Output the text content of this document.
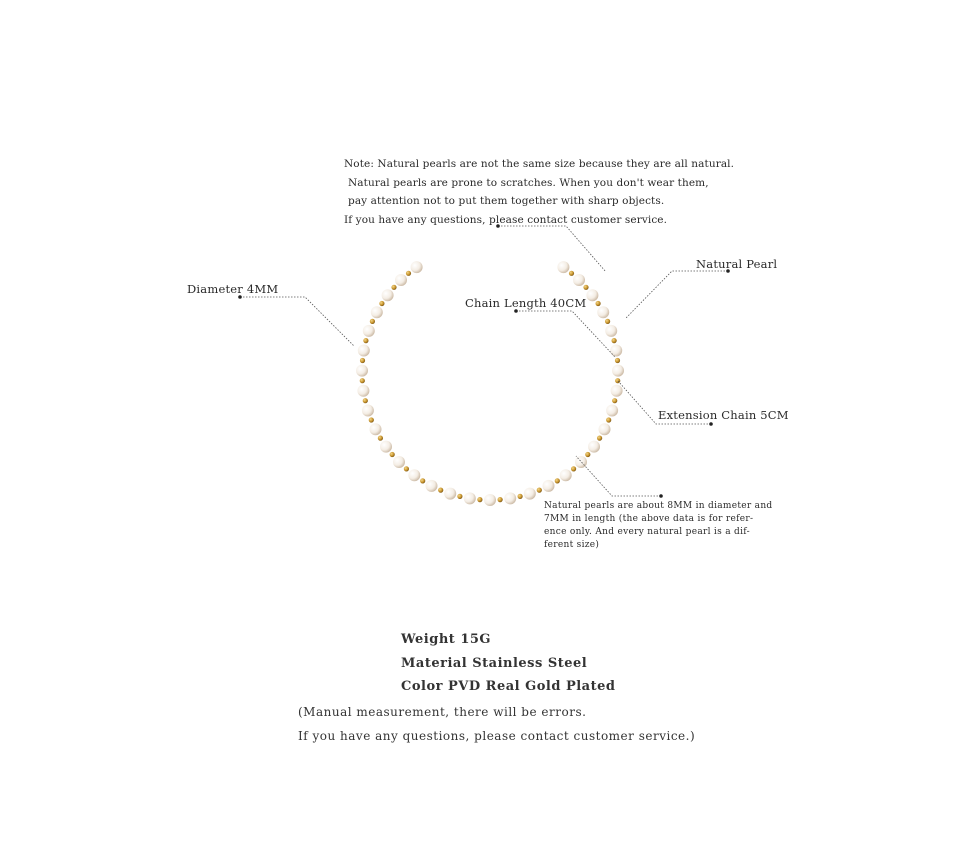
Note: Natural pearls are not the same size because they are all natural.
Natural pearls are prone to scratches. When you don't wear them,
pay attention not to put them together with sharp objects.
If you have any questions, please contact customer service.
Diameter 4MM
Natural Pearl
Chain Length 40CM
Extension Chain 5CM
Natural pearls are about 8MM in diameter and
7MM in length (the above data is for refer-
ence only. And every natural pearl is a dif-
ferent size)
Weight 15G
Material Stainless Steel
Color PVD Real Gold Plated
(Manual measurement, there will be errors.
If you have any questions, please contact customer service.)
